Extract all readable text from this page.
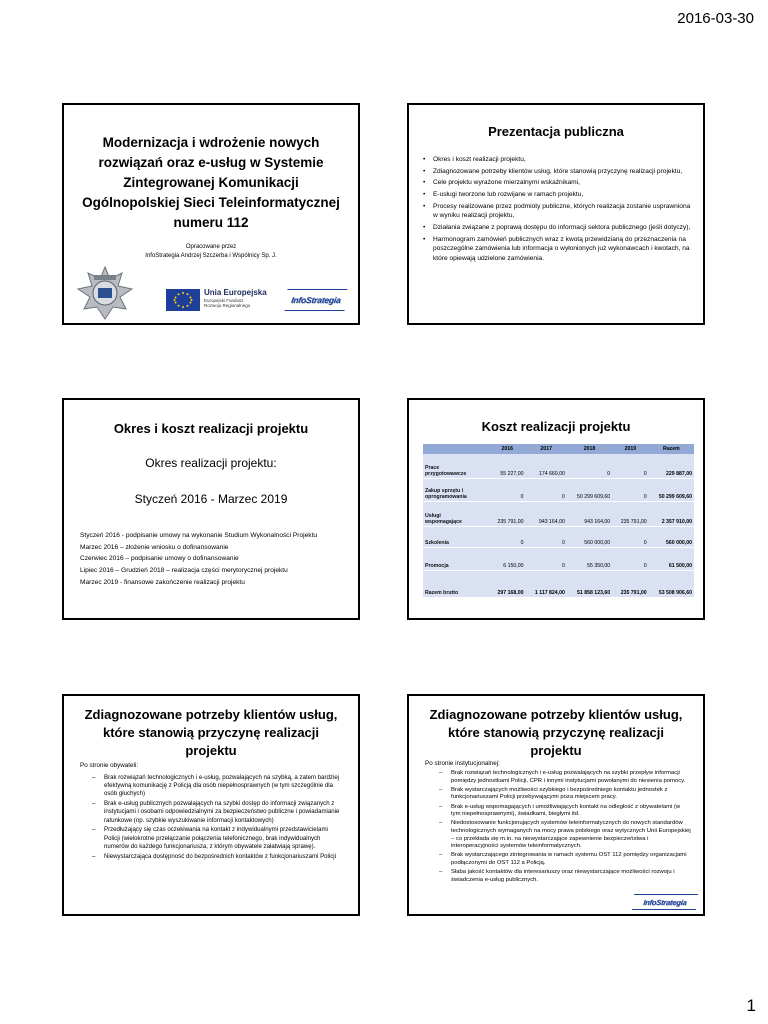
2016-03-30
Modernizacja i wdrożenie nowych
rozwiązań oraz e-usług w Systemie
Zintegrowanej Komunikacji
Ogólnopolskiej Sieci Teleinformatycznej
numeru 112
Opracowane przez
InfoStrategia Andrzej Szczerba i Wspólnicy Sp. J.
Unia Europejska
Europejski Fundusz
Rozwoju Regionalnego
InfoStrategia
Prezentacja publiczna
• Okres i koszt realizacji projektu,
• Zdiagnozowane potrzeby klientów usług, które stanowią przyczynę realizacji projektu,
• Cele projektu wyrażone mierzalnymi wskaźnikami,
• E-usługi tworzone lub rozwijane w ramach projektu,
• Procesy realizowane przez podmioty publiczne, których realizacja zostanie usprawniona w wyniku realizacji projektu,
• Działania związane z poprawą dostępu do informacji sektora publicznego (jeśli dotyczy),
• Harmonogram zamówień publicznych wraz z kwotą przewidzianą do przeznaczenia na poszczególne zamówienia lub informacja o wyłonionych już wykonawcach i kwotach, na które opiewają udzielone zamówienia.
Okres i koszt realizacji projektu
Okres realizacji projektu:
Styczeń 2016 - Marzec 2019
Styczeń 2016 - podpisanie umowy na wykonanie Studium Wykonalności Projektu
Marzec 2016 – złożenie wniosku o dofinansowanie
Czerwiec 2016 – podpisanie umowy o dofinansowanie
Lipiec 2016 – Grudzień 2018 – realizacja części merytorycznej projektu
Marzec 2019 - finansowe zakończenie realizacji projektu
Koszt realizacji projektu
	2016	2017	2018	2019	Razem

Prace
przygotowawcze	55 227,00	174 660,00	0	0	229 887,00

Zakup sprzętu i
oprogramowania	0	0	50 299 609,60	0	50 299 609,60

Usługi
wspomagające	235 791,00	943 164,00	943 164,00	235 791,00	2 357 910,00
Szkolenia	0	0	560 000,00	0	560 000,00
Promocja	6 150,00	0	55 350,00	0	61 500,00
Razem brutto	297 168,00	1 117 824,00	51 858 123,60	235 791,00	53 508 906,60
Zdiagnozowane potrzeby klientów usług,
które stanowią przyczynę realizacji
projektu
Po stronie obywateli:
– Brak rozwiązań technologicznych i e-usług, pozwalających na szybką, a zatem bardziej efektywną komunikację z Policją dla osób niepełnosprawnych (w tym szczególnie dla osób głuchych)
– Brak e-usług publicznych pozwalających na szybki dostęp do informacji związanych z instytucjami i osobami odpowiedzialnymi za bezpieczeństwo publiczne i powiadamianie ratunkowe (np. szybkie wyszukiwanie informacji kontaktowych)
– Przedłużający się czas oczekiwania na kontakt z indywidualnymi przedstawicielami Policji (wielokrotne przełączanie połączenia telefonicznego, brak indywidualnych numerów do każdego funkcjonariusza, z którym obywatele załatwiają sprawę).
– Niewystarczająca dostępność do bezpośrednich kontaktów z funkcjonariuszami Policji
Zdiagnozowane potrzeby klientów usług,
które stanowią przyczynę realizacji
projektu
Po stronie instytucjonalnej:
– Brak rozwiązań technologicznych i e-usług pozwalających na szybki przepływ informacji pomiędzy jednostkami Policji, CPR i innymi instytucjami powołanymi do niesienia pomocy.
– Brak wystarczających możliwości szybkiego i bezpośredniego kontaktu jednostek z funkcjonariuszami Policji przebywającymi poza miejscem pracy.
– Brak e-usług wspomagających i umożliwiających kontakt na odległość z obywatelami (w tym niepełnosprawnymi), świadkami, biegłymi itd.
– Niedostosowanie funkcjonujących systemów teleinformatycznych do nowych standardów technologicznych wymaganych na mocy prawa polskiego oraz wytycznych Unii Europejskiej – co przekłada się m.in. na niewystarczające zapewnienie bezpieczeństwa i interoperacyjności systemów teleinformatycznych.
– Brak wystarczającego zintegrowania w ramach systemu OST 112 pomiędzy organizacjami podłączonymi do OST 112 a Policją.
– Słaba jakość kontaktów dla interesariuszy oraz niewystarczające możliwości rozwoju i świadczenia e-usług publicznych.
InfoStrategia
1
